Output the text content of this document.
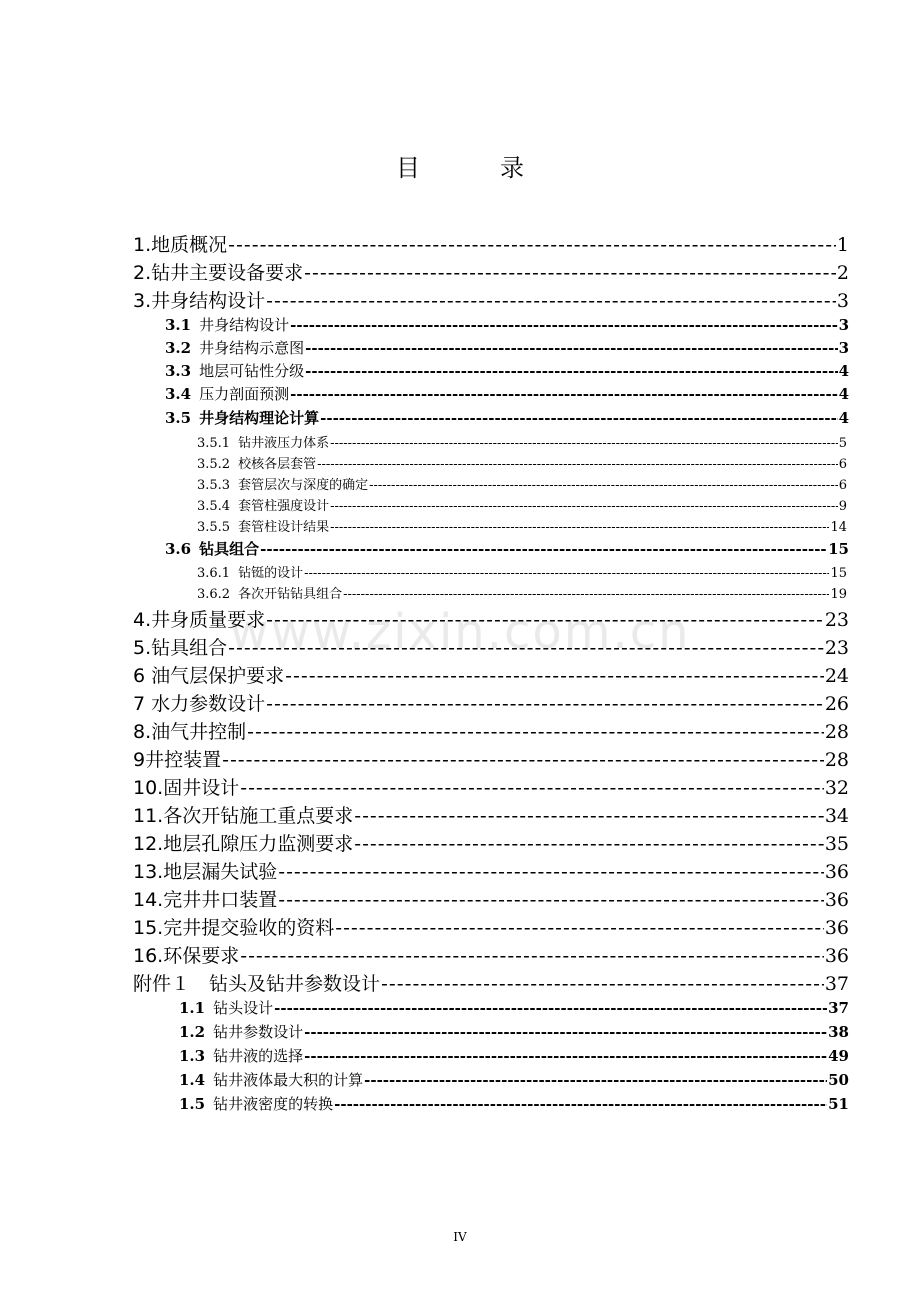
目	录
www.zixin.com.cn
1.地质概况 -----	1
2.钻井主要设备要求 -----	2
3.井身结构设计 -----	3
3.1 井身结构设计 -----	3
3.2 井身结构示意图 -----	3
3.3 地层可钻性分级 -----	4
3.4 压力剖面预测 -----	4
3.5 井身结构理论计算 -----	4
3.5.1 钻井液压力体系 -----	5
3.5.2 校核各层套管 -----	6
3.5.3 套管层次与深度的确定 -----	6
3.5.4 套管柱强度设计 -----	9
3.5.5 套管柱设计结果 -----	14
3.6 钻具组合 -----	15
3.6.1 钻铤的设计 -----	15
3.6.2 各次开钻钻具组合 -----	19
4.井身质量要求 -----	23
5.钻具组合 -----	23
6 油气层保护要求 -----	24
7 水力参数设计 -----	26
8.油气井控制 -----	28
9井控装置 -----	28
10.固井设计 -----	32
11.各次开钻施工重点要求 -----	34
12.地层孔隙压力监测要求 -----	35
13.地层漏失试验 -----	36
14.完井井口装置 -----	36
15.完井提交验收的资料 -----	36
16.环保要求 -----	36
附件１　钻头及钻井参数设计 -----	37
1.1 钻头设计 -----	37
1.2 钻井参数设计 -----	38
1.3 钻井液的选择 -----	49
1.4 钻井液体最大积的计算 -----	50
1.5 钻井液密度的转换 -----	51
IV
